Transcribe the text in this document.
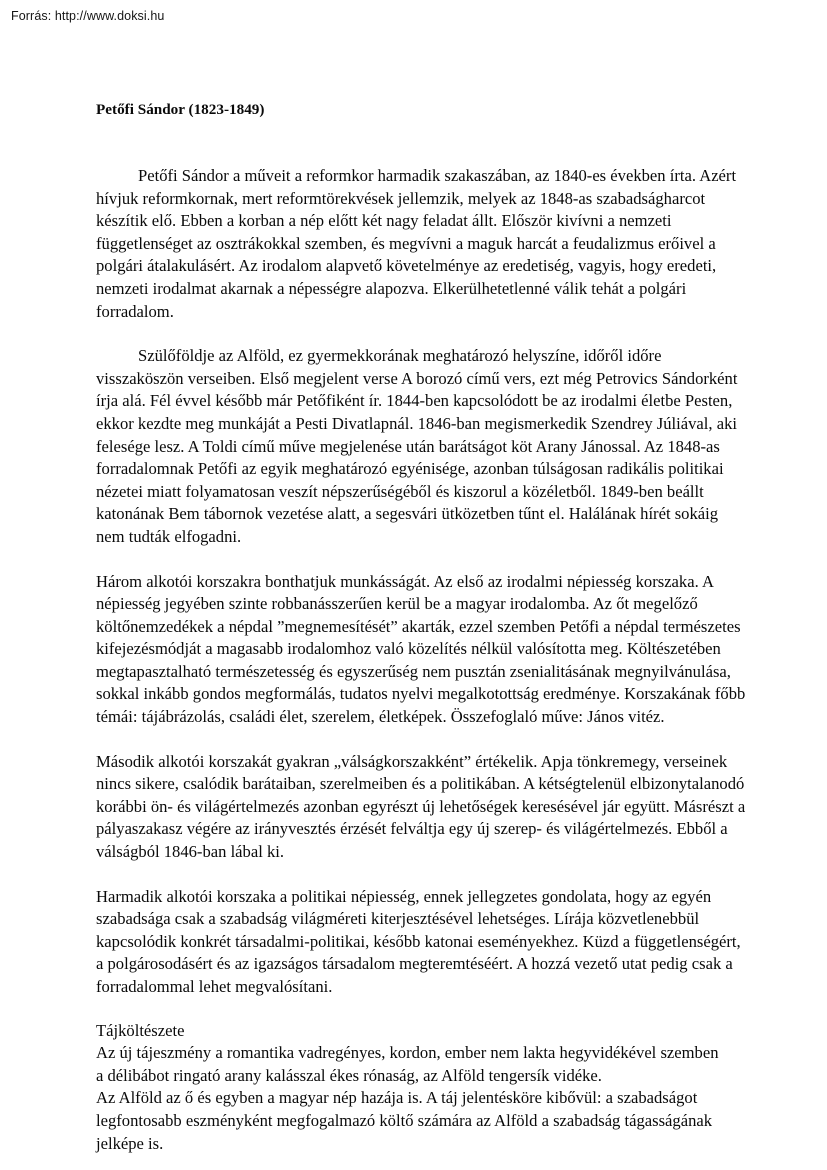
Forrás: http://www.doksi.hu
Petőfi Sándor (1823-1849)

Petőfi Sándor a műveit a reformkor harmadik szakaszában, az 1840-es években írta. Azért hívjuk reformkornak, mert reformtörekvések jellemzik, melyek az 1848-as szabadságharcot készítik elő. Ebben a korban a nép előtt két nagy feladat állt. Először kivívni a nemzeti függetlenséget az osztrákokkal szemben, és megvívni a maguk harcát a feudalizmus erőivel a polgári átalakulásért. Az irodalom alapvető követelménye az eredetiség, vagyis, hogy eredeti, nemzeti irodalmat akarnak a népességre alapozva. Elkerülhetetlenné válik tehát a polgári forradalom.

Szülőföldje az Alföld, ez gyermekkorának meghatározó helyszíne, időről időre visszaköszön verseiben. Első megjelent verse A borozó című vers, ezt még Petrovics Sándorként írja alá. Fél évvel később már Petőfiként ír. 1844-ben kapcsolódott be az irodalmi életbe Pesten, ekkor kezdte meg munkáját a Pesti Divatlapnál. 1846-ban megismerkedik Szendrey Júliával, aki felesége lesz. A Toldi című műve megjelenése után barátságot köt Arany Jánossal. Az 1848-as forradalomnak Petőfi az egyik meghatározó egyénisége, azonban túlságosan radikális politikai nézetei miatt folyamatosan veszít népszerűségéből és kiszorul a közéletből. 1849-ben beállt katonának Bem tábornok vezetése alatt, a segesvári ütközetben tűnt el. Halálának hírét sokáig nem tudták elfogadni.

Három alkotói korszakra bonthatjuk munkásságát. Az első az irodalmi népiesség korszaka. A népiesség jegyében szinte robbanásszerűen kerül be a magyar irodalomba. Az őt megelőző költőnemzedékek a népdal ”megnemesítését” akarták, ezzel szemben Petőfi a népdal természetes kifejezésmódját a magasabb irodalomhoz való közelítés nélkül valósította meg. Költészetében megtapasztalható természetesség és egyszerűség nem pusztán zsenialitásának megnyilvánulása, sokkal inkább gondos megformálás, tudatos nyelvi megalkotottság eredménye. Korszakának főbb témái: tájábrázolás, családi élet, szerelem, életképek. Összefoglaló műve: János vitéz.

Második alkotói korszakát gyakran „válságkorszakként” értékelik. Apja tönkremegy, verseinek nincs sikere, csalódik barátaiban, szerelmeiben és a politikában. A kétségtelenül elbizonytalanodó korábbi ön- és világértelmezés azonban egyrészt új lehetőségek keresésével jár együtt. Másrészt a pályaszakasz végére az irányvesztés érzését felváltja egy új szerep- és világértelmezés. Ebből a válságból 1846-ban lábal ki.

Harmadik alkotói korszaka a politikai népiesség, ennek jellegzetes gondolata, hogy az egyén szabadsága csak a szabadság világméreti kiterjesztésével lehetséges. Lírája közvetlenebbül kapcsolódik konkrét társadalmi-politikai, később katonai eseményekhez. Küzd a függetlenségért, a polgárosodásért és az igazságos társadalom megteremtéséért. A hozzá vezető utat pedig csak a forradalommal lehet megvalósítani.

Tájköltészete
Az új tájeszmény a romantika vadregényes, kordon, ember nem lakta hegyvidékével szemben
a délibábot ringató arany kalásszal ékes rónaság, az Alföld tengersík vidéke.
Az Alföld az ő és egyben a magyar nép hazája is. A táj jelentésköre kibővül: a szabadságot
legfontosabb eszményként megfogalmazó költő számára az Alföld a szabadság tágasságának
jelképe is.
